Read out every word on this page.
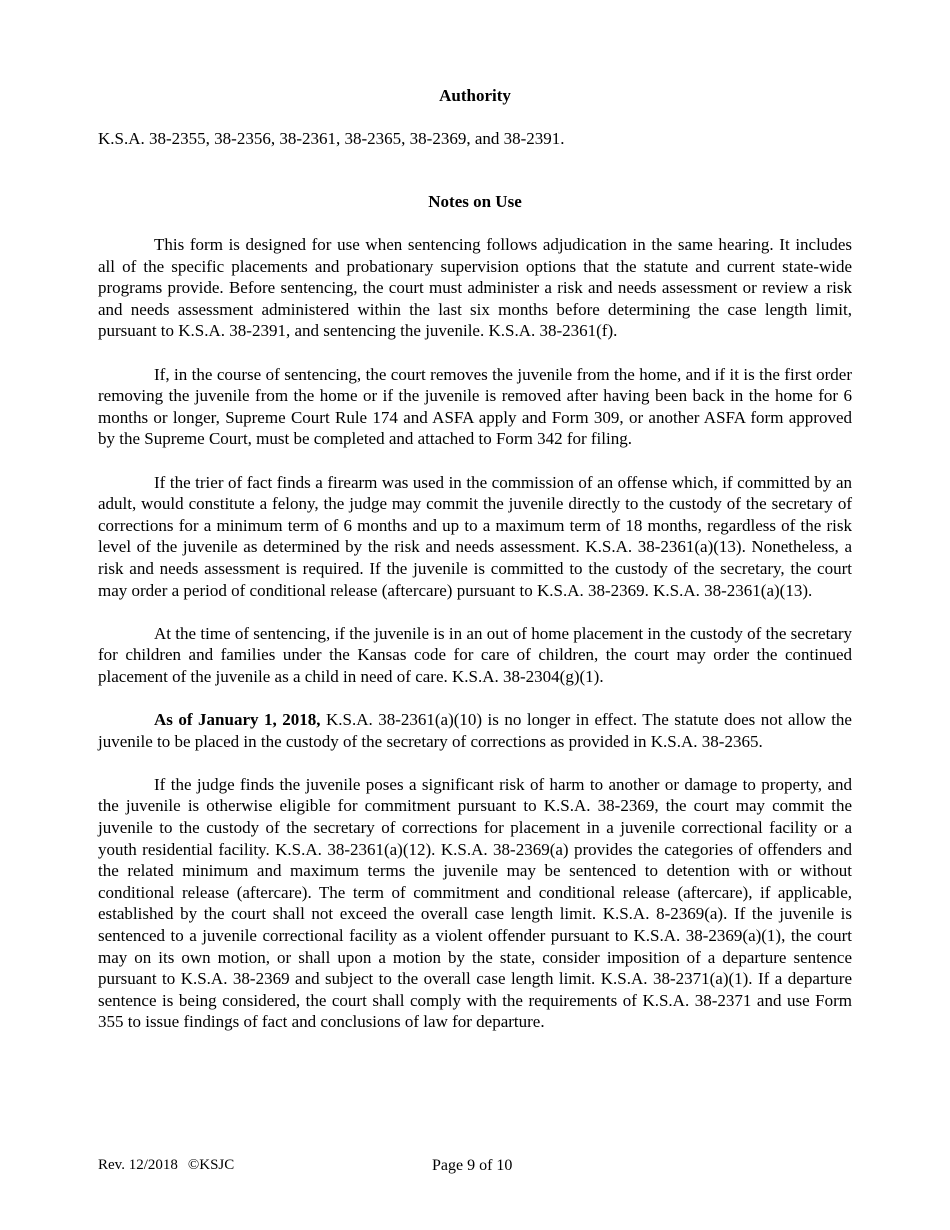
Authority

K.S.A. 38-2355, 38-2356, 38-2361, 38-2365, 38-2369, and 38-2391.

Notes on Use

This form is designed for use when sentencing follows adjudication in the same hearing. It includes all of the specific placements and probationary supervision options that the statute and current state-wide programs provide. Before sentencing, the court must administer a risk and needs assessment or review a risk and needs assessment administered within the last six months before determining the case length limit, pursuant to K.S.A. 38-2391, and sentencing the juvenile. K.S.A. 38-2361(f).

If, in the course of sentencing, the court removes the juvenile from the home, and if it is the first order removing the juvenile from the home or if the juvenile is removed after having been back in the home for 6 months or longer, Supreme Court Rule 174 and ASFA apply and Form 309, or another ASFA form approved by the Supreme Court, must be completed and attached to Form 342 for filing.

If the trier of fact finds a firearm was used in the commission of an offense which, if committed by an adult, would constitute a felony, the judge may commit the juvenile directly to the custody of the secretary of corrections for a minimum term of 6 months and up to a maximum term of 18 months, regardless of the risk level of the juvenile as determined by the risk and needs assessment. K.S.A. 38-2361(a)(13). Nonetheless, a risk and needs assessment is required. If the juvenile is committed to the custody of the secretary, the court may order a period of conditional release (aftercare) pursuant to K.S.A. 38-2369. K.S.A. 38-2361(a)(13).

At the time of sentencing, if the juvenile is in an out of home placement in the custody of the secretary for children and families under the Kansas code for care of children, the court may order the continued placement of the juvenile as a child in need of care. K.S.A. 38-2304(g)(1).

As of January 1, 2018, K.S.A. 38-2361(a)(10) is no longer in effect. The statute does not allow the juvenile to be placed in the custody of the secretary of corrections as provided in K.S.A. 38-2365.

If the judge finds the juvenile poses a significant risk of harm to another or damage to property, and the juvenile is otherwise eligible for commitment pursuant to K.S.A. 38-2369, the court may commit the juvenile to the custody of the secretary of corrections for placement in a juvenile correctional facility or a youth residential facility. K.S.A. 38-2361(a)(12). K.S.A. 38-2369(a) provides the categories of offenders and the related minimum and maximum terms the juvenile may be sentenced to detention with or without conditional release (aftercare). The term of commitment and conditional release (aftercare), if applicable, established by the court shall not exceed the overall case length limit. K.S.A. 8-2369(a). If the juvenile is sentenced to a juvenile correctional facility as a violent offender pursuant to K.S.A. 38-2369(a)(1), the court may on its own motion, or shall upon a motion by the state, consider imposition of a departure sentence pursuant to K.S.A. 38-2369 and subject to the overall case length limit. K.S.A. 38-2371(a)(1). If a departure sentence is being considered, the court shall comply with the requirements of K.S.A. 38-2371 and use Form 355 to issue findings of fact and conclusions of law for departure.

Rev. 12/2018 ©KSJC	Page 9 of 10
